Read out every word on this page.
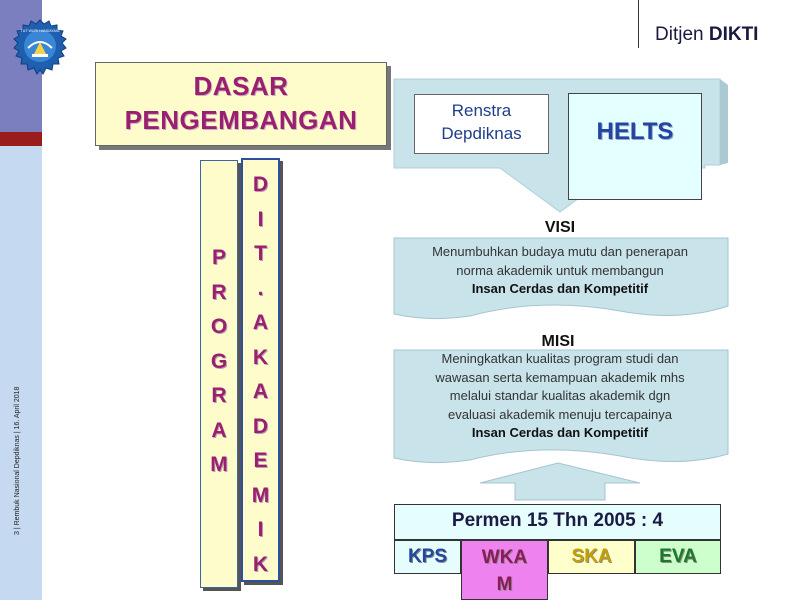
3 | Rembuk Nasional Depdiknas | 16. April 2018
TUT WURI HANDAYANI	Ditjen DIKTI
DASAR
PENGEMBANGAN
P
R
O
G
R
A
M
D
I
T
.
A
K
A
D
E
M
I
K
Renstra
Depdiknas	HELTS
VISI
Menumbuhkan budaya mutu dan penerapan
norma akademik untuk membangun
Insan Cerdas dan Kompetitif
MISI
Meningkatkan kualitas program studi dan
wawasan serta kemampuan akademik mhs
melalui standar kualitas akademik dgn
evaluasi akademik menuju tercapainya
Insan Cerdas dan Kompetitif
Permen 15 Thn 2005 : 4
KPS	WKA
M
SKA	EVA
